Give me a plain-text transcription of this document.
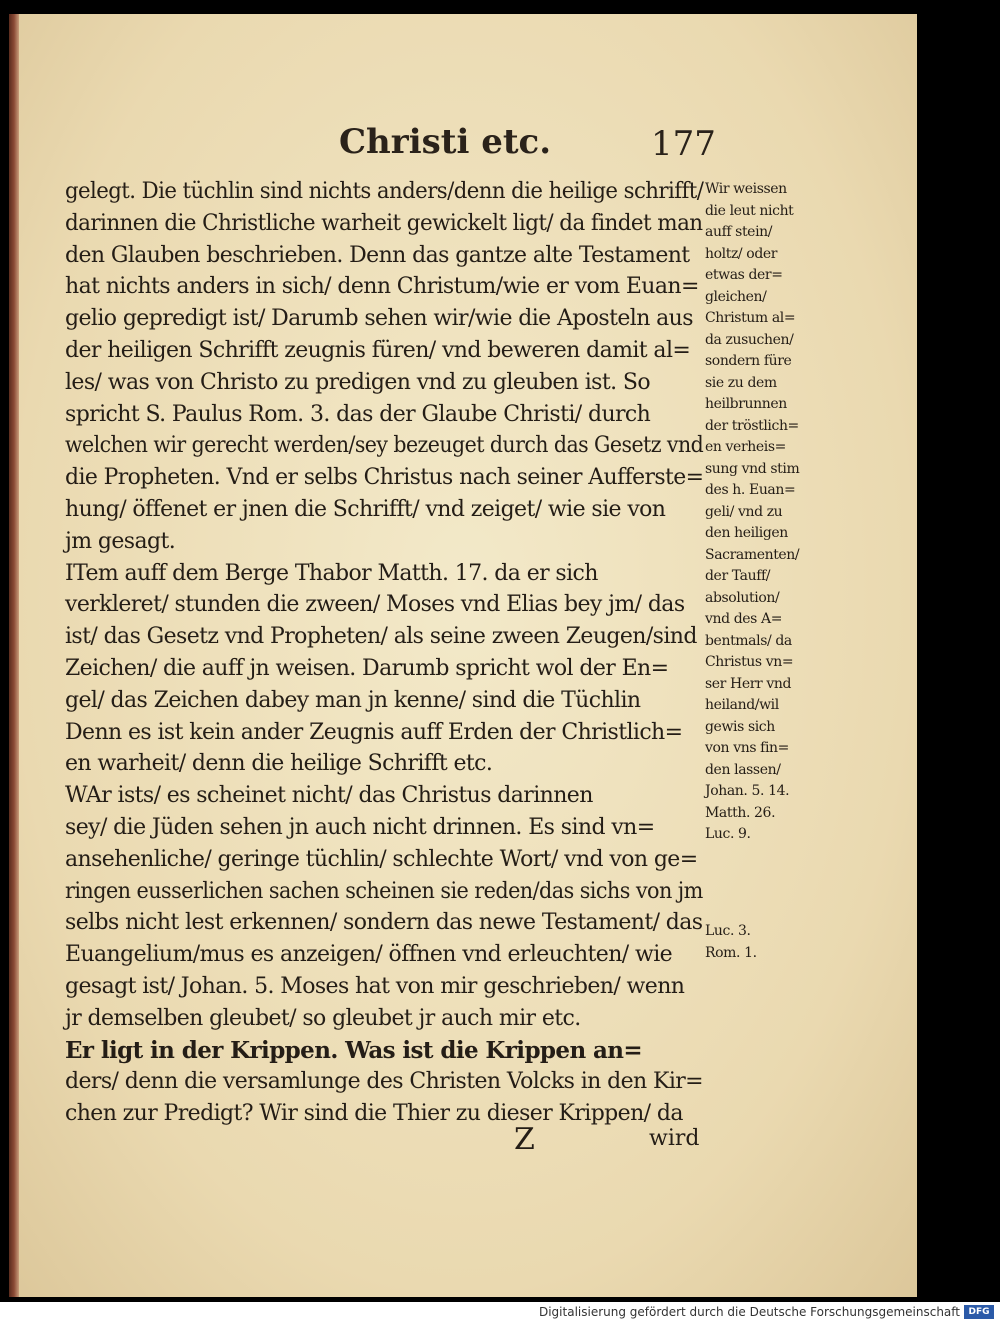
Christi etc.	177
gelegt. Die tüchlin sind nichts anders/denn die heilige schrifft/
darinnen die Christliche warheit gewickelt ligt/ da findet man
den Glauben beschrieben. Denn das gantze alte Testament
hat nichts anders in sich/ denn Christum/wie er vom Euan=
gelio gepredigt ist/ Darumb sehen wir/wie die Aposteln aus
der heiligen Schrifft zeugnis füren/ vnd beweren damit al=
les/ was von Christo zu predigen vnd zu gleuben ist. So
spricht S. Paulus Rom. 3. das der Glaube Christi/ durch
welchen wir gerecht werden/sey bezeuget durch das Gesetz vnd
die Propheten. Vnd er selbs Christus nach seiner Aufferste=
hung/ öffenet er jnen die Schrifft/ vnd zeiget/ wie sie von
jm gesagt.
ITem auff dem Berge Thabor Matth. 17. da er sich
verkleret/ stunden die zween/ Moses vnd Elias bey jm/ das
ist/ das Gesetz vnd Propheten/ als seine zween Zeugen/sind
Zeichen/ die auff jn weisen. Darumb spricht wol der En=
gel/ das Zeichen dabey man jn kenne/ sind die Tüchlin
Denn es ist kein ander Zeugnis auff Erden der Christlich=
en warheit/ denn die heilige Schrifft etc.
WAr ists/ es scheinet nicht/ das Christus darinnen
sey/ die Jüden sehen jn auch nicht drinnen. Es sind vn=
ansehenliche/ geringe tüchlin/ schlechte Wort/ vnd von ge=
ringen eusserlichen sachen scheinen sie reden/das sichs von jm
selbs nicht lest erkennen/ sondern das newe Testament/ das
Euangelium/mus es anzeigen/ öffnen vnd erleuchten/ wie
gesagt ist/ Johan. 5. Moses hat von mir geschrieben/ wenn
jr demselben gleubet/ so gleubet jr auch mir etc.
Er ligt in der Krippen. Was ist die Krippen an=
ders/ denn die versamlunge des Christen Volcks in den Kir=
chen zur Predigt? Wir sind die Thier zu dieser Krippen/ da
Wir weissen
die leut nicht
auff stein/
holtz/ oder
etwas der=
gleichen/
Christum al=
da zusuchen/
sondern füre
sie zu dem
heilbrunnen
der tröstlich=
en verheis=
sung vnd stim
des h. Euan=
geli/ vnd zu
den heiligen
Sacramenten/
der Tauff/
absolution/
vnd des A=
bentmals/ da
Christus vn=
ser Herr vnd
heiland/wil
gewis sich
von vns fin=
den lassen/
Johan. 5. 14.
Matth. 26.
Luc. 9.
Luc. 3.
Rom. 1.
Z	wird
Digitalisierung gefördert durch die Deutsche Forschungsgemeinschaft DFG
